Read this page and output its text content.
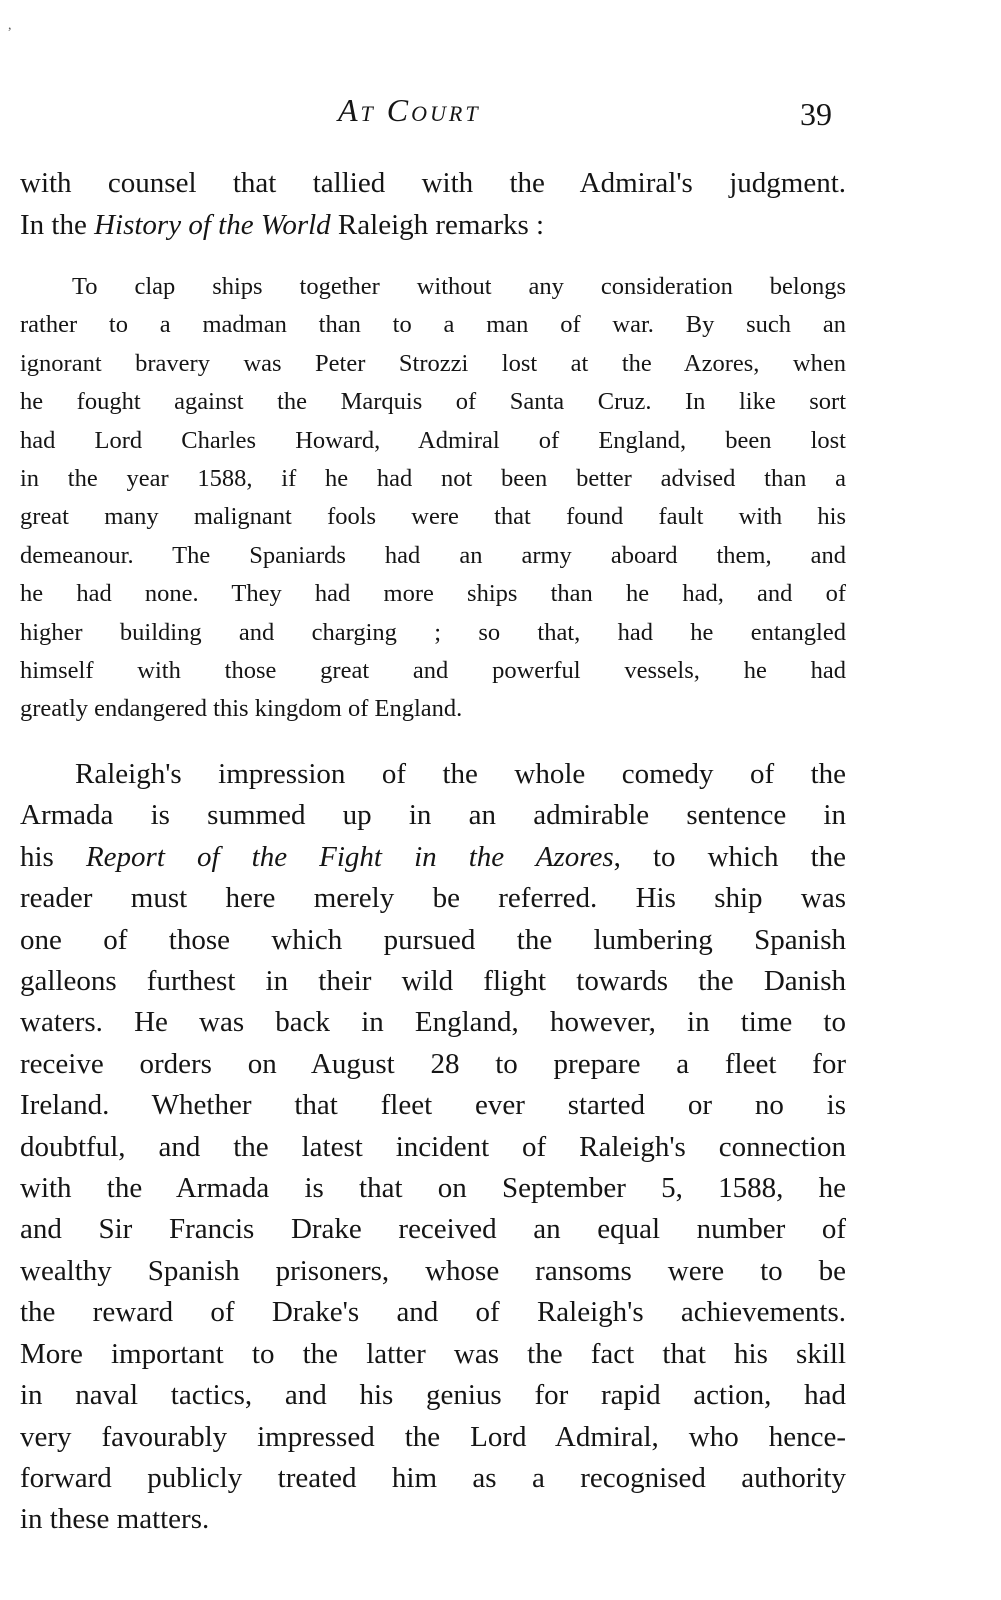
,
At Court	39
with counsel that tallied with the Admiral's judgment.
In the History of the World Raleigh remarks :
To clap ships together without any consideration belongs
rather to a madman than to a man of war. By such an
ignorant bravery was Peter Strozzi lost at the Azores, when
he fought against the Marquis of Santa Cruz. In like sort
had Lord Charles Howard, Admiral of England, been lost
in the year 1588, if he had not been better advised than a
great many malignant fools were that found fault with his
demeanour. The Spaniards had an army aboard them, and
he had none. They had more ships than he had, and of
higher building and charging ; so that, had he entangled
himself with those great and powerful vessels, he had
greatly endangered this kingdom of England.
Raleigh's impression of the whole comedy of the
Armada is summed up in an admirable sentence in
his Report of the Fight in the Azores, to which the
reader must here merely be referred. His ship was
one of those which pursued the lumbering Spanish
galleons furthest in their wild flight towards the Danish
waters. He was back in England, however, in time to
receive orders on August 28 to prepare a fleet for
Ireland. Whether that fleet ever started or no is
doubtful, and the latest incident of Raleigh's connection
with the Armada is that on September 5, 1588, he
and Sir Francis Drake received an equal number of
wealthy Spanish prisoners, whose ransoms were to be
the reward of Drake's and of Raleigh's achievements.
More important to the latter was the fact that his skill
in naval tactics, and his genius for rapid action, had
very favourably impressed the Lord Admiral, who hence-
forward publicly treated him as a recognised authority
in these matters.
